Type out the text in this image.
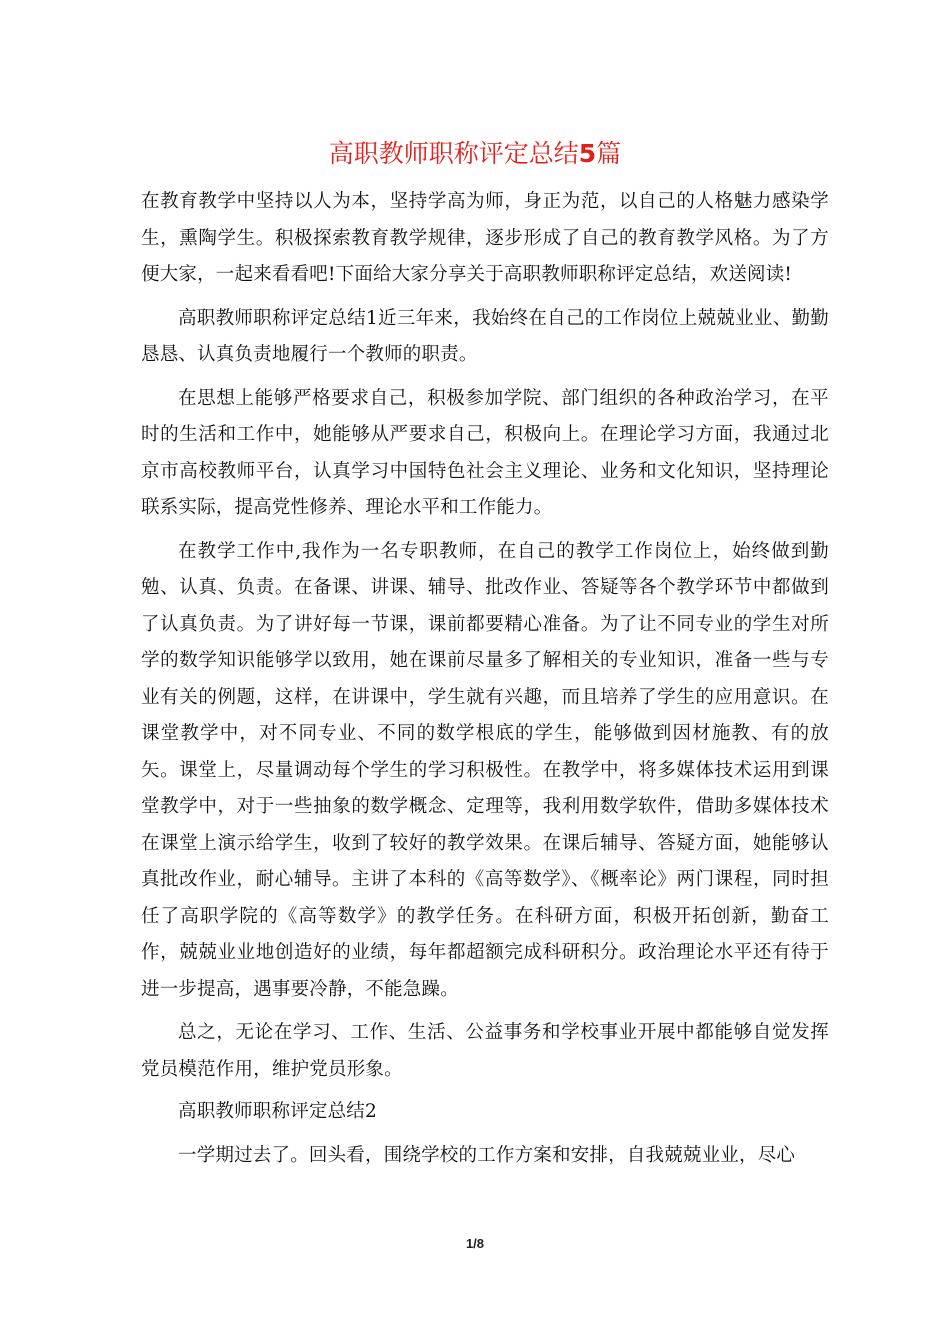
高职教师职称评定总结5篇

在教育教学中坚持以人为本，坚持学高为师，身正为范，以自己的人格魅力感染学生，熏陶学生。积极探索教育教学规律，逐步形成了自己的教育教学风格。为了方便大家，一起来看看吧!下面给大家分享关于高职教师职称评定总结，欢送阅读!

高职教师职称评定总结1近三年来，我始终在自己的工作岗位上兢兢业业、勤勤恳恳、认真负责地履行一个教师的职责。

在思想上能够严格要求自己，积极参加学院、部门组织的各种政治学习，在平时的生活和工作中，她能够从严要求自己，积极向上。在理论学习方面，我通过北京市高校教师平台，认真学习中国特色社会主义理论、业务和文化知识，坚持理论联系实际，提高党性修养、理论水平和工作能力。

在教学工作中,我作为一名专职教师，在自己的教学工作岗位上，始终做到勤勉、认真、负责。在备课、讲课、辅导、批改作业、答疑等各个教学环节中都做到了认真负责。为了讲好每一节课，课前都要精心准备。为了让不同专业的学生对所学的数学知识能够学以致用，她在课前尽量多了解相关的专业知识，准备一些与专业有关的例题，这样，在讲课中，学生就有兴趣，而且培养了学生的应用意识。在课堂教学中，对不同专业、不同的数学根底的学生，能够做到因材施教、有的放矢。课堂上，尽量调动每个学生的学习积极性。在教学中，将多媒体技术运用到课堂教学中，对于一些抽象的数学概念、定理等，我利用数学软件，借助多媒体技术在课堂上演示给学生，收到了较好的教学效果。在课后辅导、答疑方面，她能够认真批改作业，耐心辅导。主讲了本科的《高等数学》、《概率论》两门课程，同时担任了高职学院的《高等数学》的教学任务。在科研方面，积极开拓创新，勤奋工作，兢兢业业地创造好的业绩，每年都超额完成科研积分。政治理论水平还有待于进一步提高，遇事要冷静，不能急躁。

总之，无论在学习、工作、生活、公益事务和学校事业开展中都能够自觉发挥党员模范作用，维护党员形象。

高职教师职称评定总结2

一学期过去了。回头看，围绕学校的工作方案和安排，自我兢兢业业，尽心

1/8
